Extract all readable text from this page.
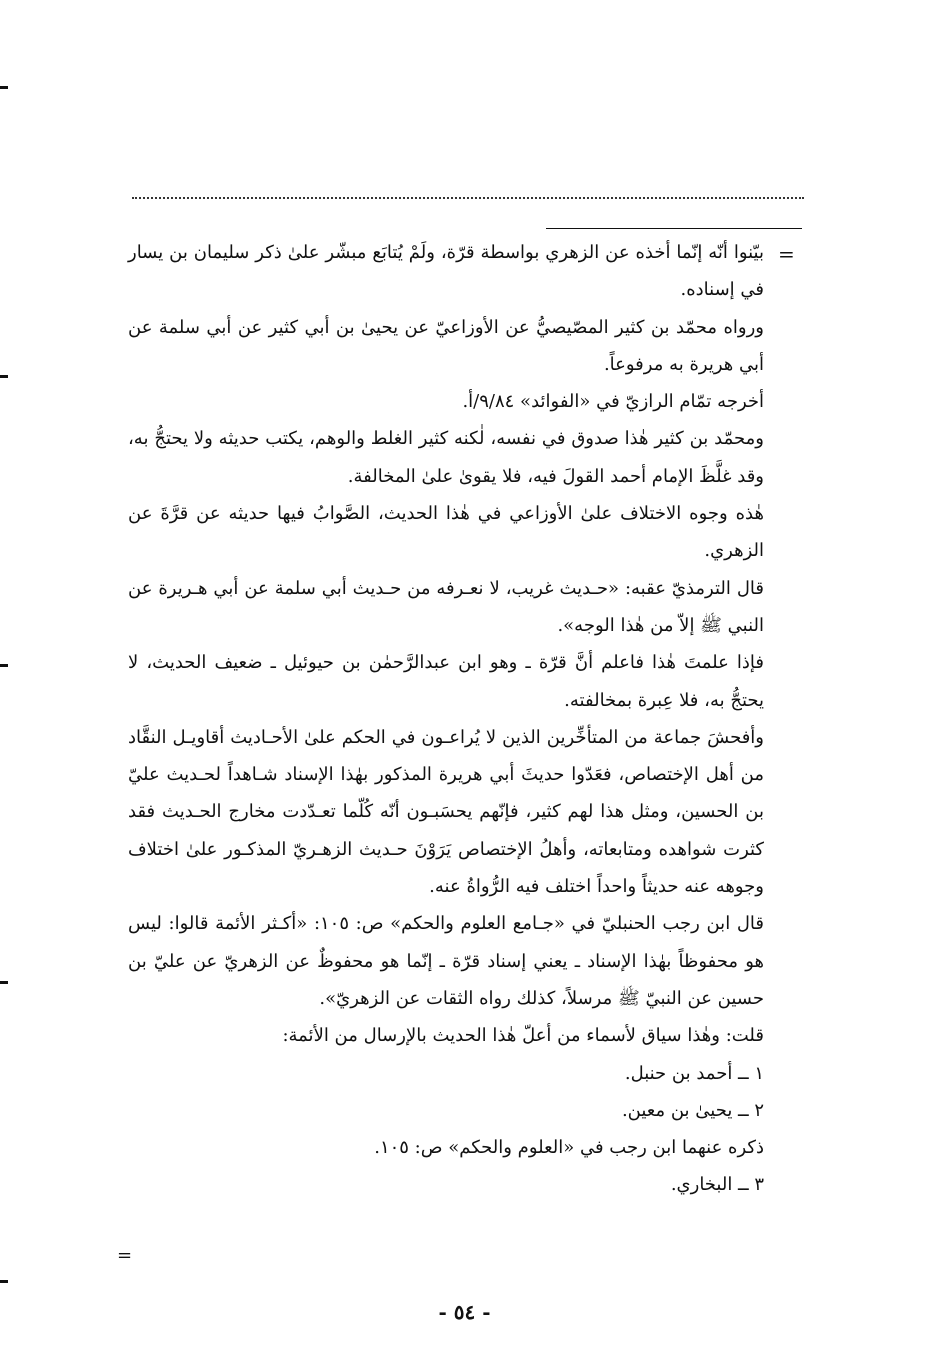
=

بيّنوا أنّه إنّما أخذه عن الزهري بواسطة قرّة، ولَمْ يُتابَع مبشّر علىٰ ذكر سليمان بن يسار في إسناده.

ورواه محمّد بن كثير المصّيصيُّ عن الأوزاعيّ عن يحيىٰ بن أبي كثير عن أبي سلمة عن أبي هريرة به مرفوعاً.

أخرجه تمّام الرازيّ في «الفوائد» ٩/٨٤/أ.

ومحمّد بن كثير هٰذا صدوق في نفسه، لٰكنه كثير الغلط والوهم، يكتب حديثه ولا يحتجُّ به، وقد غلَّظَ الإمام أحمد القولَ فيه، فلا يقوىٰ علىٰ المخالفة.

هٰذه وجوه الاختلاف علىٰ الأوزاعي في هٰذا الحديث، الصَّوابُ فيها حديثه عن قرَّةَ عن الزهري.

قال الترمذيّ عقبه: «حـديث غريب، لا نعـرفه من حـديث أبي سلمة عن أبي هـريرة عن النبي ﷺ إلاّ من هٰذا الوجه».

فإذا علمتَ هٰذا فاعلم أنَّ قرّة ـ وهو ابن عبدالرَّحمٰن بن حيوئيل ـ ضعيف الحديث، لا يحتجُّ به، فلا عِبرة بمخالفته.

وأفحشَ جماعة من المتأخِّرين الذين لا يُراعـون في الحكم علىٰ الأحـاديث أقاويـل النقَّاد من أهل الإختصاص، فعَدّوا حديثَ أبي هريرة المذكور بهٰذا الإسناد شـاهداً لحـديث عليّ بن الحسين، ومثل هذا لهم كثير، فإنّهم يحسَبـون أنّه كُلّما تعـدّدت مخارج الحـديث فقد كثرت شواهده ومتابعاته، وأهلُ الإختصاص يَرَوْنَ حـديث الزهـريّ المذكـور علىٰ اختلاف وجوهه عنه حديثاً واحداً اختلف فيه الرُّواةُ عنه.

قال ابن رجب الحنبليّ في «جـامع العلوم والحكم» ص: ١٠٥: «أكـثر الأئمة قالوا: ليس هو محفوظاً بهٰذا الإسناد ـ يعني إسناد قرّة ـ إنّما هو محفوظٌ عن الزهريّ عن عليّ بن حسين عن النبيّ ﷺ مرسلاً، كذلك رواه الثقات عن الزهريّ».

قلت: وهٰذا سياق لأسماء من أعلّ هٰذا الحديث بالإرسال من الأئمة:

١ ــ أحمد بن حنبل.

٢ ــ يحيىٰ بن معين.

ذكره عنهما ابن رجب في «العلوم والحكم» ص: ١٠٥.

٣ ــ البخاري.

=
- ٥٤ -
